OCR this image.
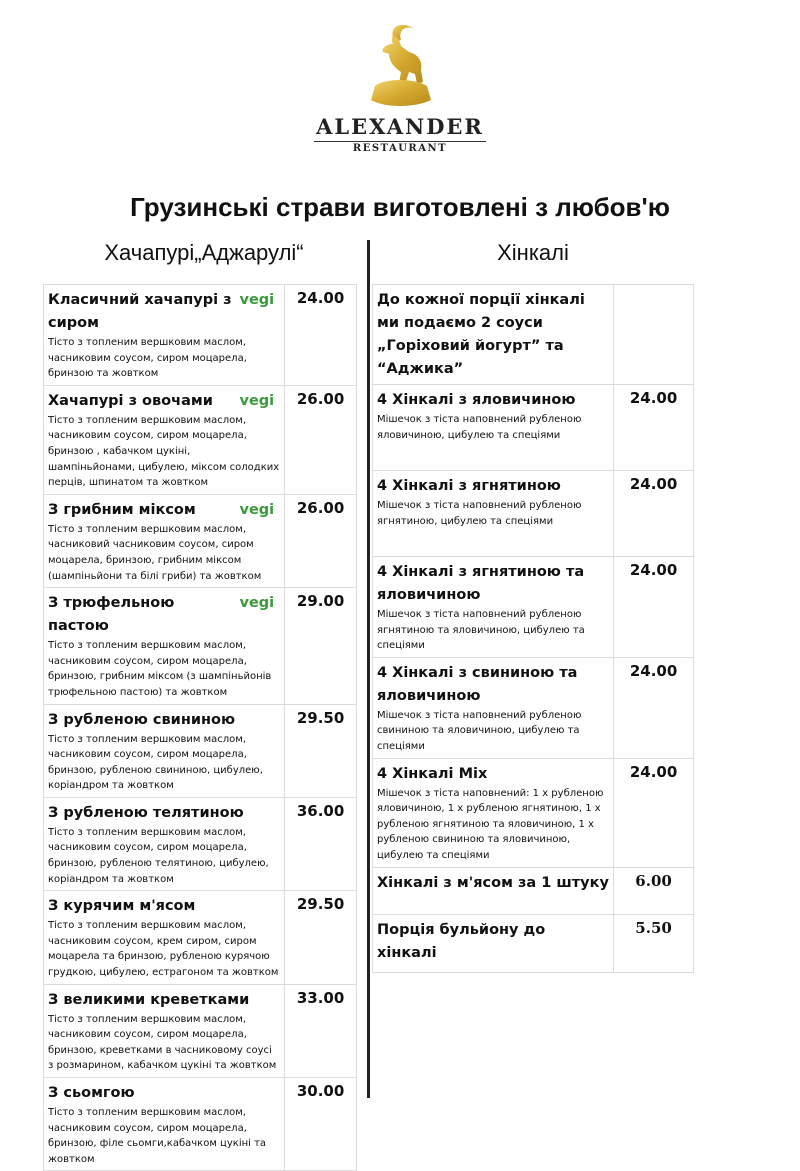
ALEXANDER
RESTAURANT
Грузинські страви виготовлені з любов'ю
Хачапурі„Аджарулі“	Хінкалі
Класичний хачапурі з сиром
vegi
Тісто з топленим вершковим маслом, часниковим соусом, сиром моцарела, бринзою та жовтком	24.00

Хачапурі з овочами vegi
Тісто з топленим вершковим маслом, часниковим соусом, сиром моцарела, бринзою , кабачком цукіні, шампіньйонами, цибулею, міксом солодких перців, шпинатом та жовтком	26.00

З грибним міксом vegi
Тісто з топленим вершковим маслом, часниковий часниковим соусом, сиром моцарела, бринзою, грибним міксом (шампіньйони та білі гриби) та жовтком	26.00

З трюфельною пастою
vegi
Тісто з топленим вершковим маслом, часниковим соусом, сиром моцарела, бринзою, грибним міксом (з шампіньйонів трюфельною пастою) та жовтком	29.00

З рубленою свининою
Тісто з топленим вершковим маслом, часниковим соусом, сиром моцарела, бринзою, рубленою свининою, цибулею, коріандром та жовтком	29.50

З рубленою телятиною
Тісто з топленим вершковим маслом, часниковим соусом, сиром моцарела, бринзою, рубленою телятиною, цибулею, коріандром та жовтком	36.00

З курячим м'ясом
Тісто з топленим вершковим маслом, часниковим соусом, крем сиром, сиром моцарела та бринзою, рубленою курячою грудкою, цибулею, естрагоном та жовтком	29.50

З великими креветками
Тісто з топленим вершковим маслом, часниковим соусом, сиром моцарела, бринзою, креветками в часниковому соусі з розмарином, кабачком цукіні та жовтком	33.00

З сьомгою
Тісто з топленим вершковим маслом, часниковим соусом, сиром моцарела, бринзою, філе сьомги,кабачком цукіні та жовтком	30.00
До кожної порції хінкалі ми подаємо 2 соуси „Горіховий йогурт” та “Аджика”	

4 Хінкалі з яловичиною
Мішечок з тіста наповнений рубленою яловичиною, цибулею та спеціями	24.00

4 Хінкалі з ягнятиною
Мішечок з тіста наповнений рубленою ягнятиною, цибулею та спеціями	24.00

4 Хінкалі з ягнятиною та яловичиною
Мішечок з тіста наповнений рубленою ягнятиною та яловичиною, цибулею та спеціями	24.00

4 Хінкалі з свининою та яловичиною
Мішечок з тіста наповнений рубленою свининою та яловичиною, цибулею та спеціями	24.00

4 Хінкалі Mix
Мішечок з тіста наповнений: 1 х рубленою яловичиною, 1 х рубленою ягнятиною, 1 х рубленою ягнятиною та яловичиною, 1 х рубленою свининою та яловичиною, цибулею та спеціями	24.00

Хінкалі з м'ясом за 1 штуку	6.00

Порція бульйону до хінкалі	5.50
